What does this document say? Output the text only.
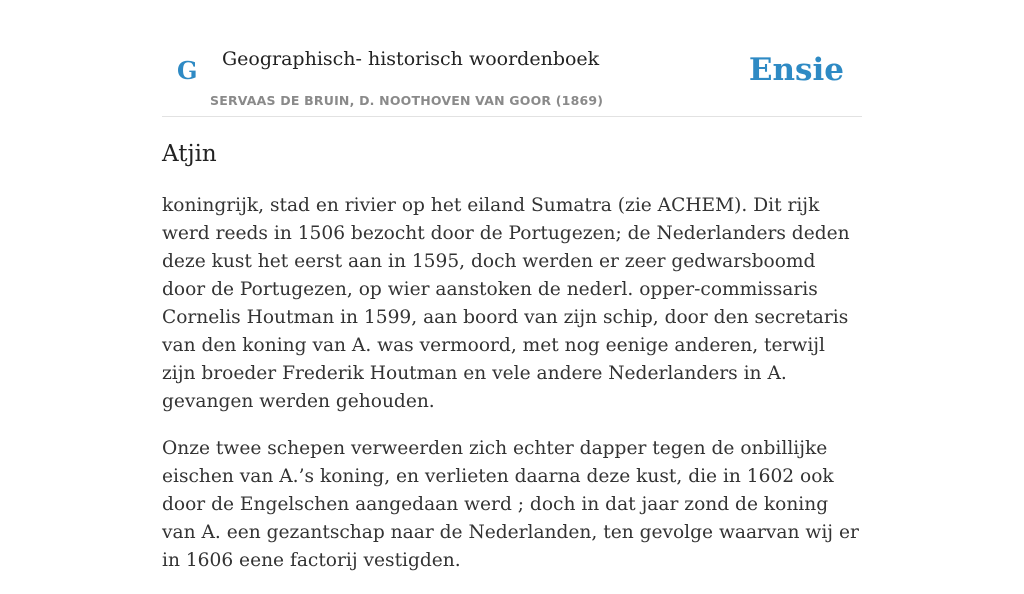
G Geographisch- historisch woordenboek
SERVAAS DE BRUIN, D. NOOTHOVEN VAN GOOR (1869)
Ensie
Atjin

koningrijk, stad en rivier op het eiland Sumatra (zie ACHEM). Dit rijk werd reeds in 1506 bezocht door de Portugezen; de Nederlanders deden deze kust het eerst aan in 1595, doch werden er zeer gedwarsboomd door de Portugezen, op wier aanstoken de nederl. opper-commissaris Cornelis Houtman in 1599, aan boord van zijn schip, door den secretaris van den koning van A. was vermoord, met nog eenige anderen, terwijl zijn broeder Frederik Houtman en vele andere Nederlanders in A. gevangen werden gehouden.

Onze twee schepen verweerden zich echter dapper tegen de onbillijke eischen van A.’s koning, en verlieten daarna deze kust, die in 1602 ook door de Engelschen aangedaan werd ; doch in dat jaar zond de koning van A. een gezantschap naar de Nederlanden, ten gevolge waarvan wij er in 1606 eene factorij vestigden.
